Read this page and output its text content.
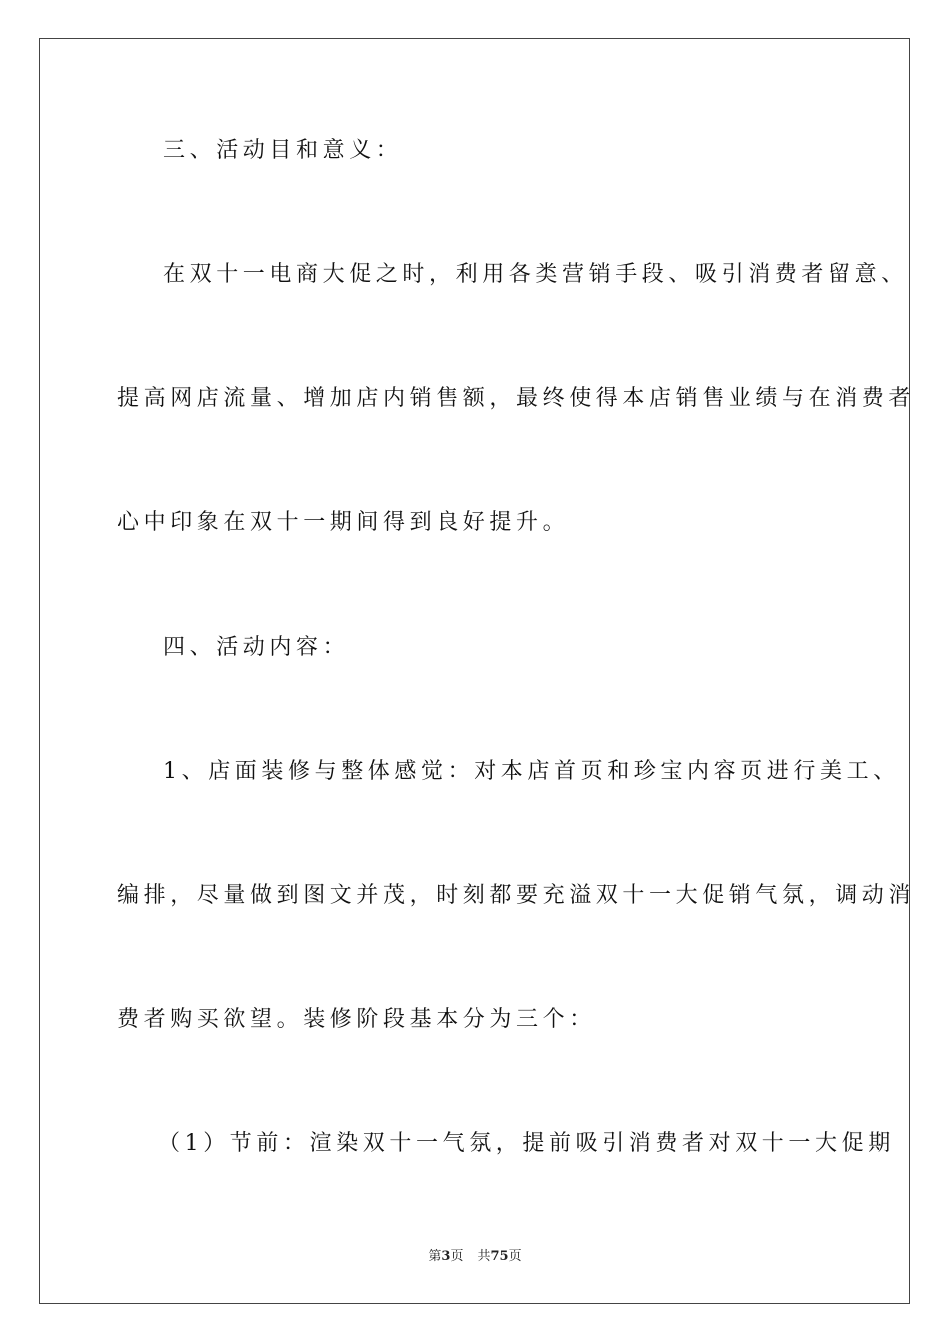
三、活动目和意义：
在双十一电商大促之时，利用各类营销手段、吸引消费者留意、
提高网店流量、增加店内销售额，最终使得本店销售业绩与在消费者
心中印象在双十一期间得到良好提升。
四、活动内容：
1、店面装修与整体感觉：对本店首页和珍宝内容页进行美工、
编排，尽量做到图文并茂，时刻都要充溢双十一大促销气氛，调动消
费者购买欲望。装修阶段基本分为三个：
（1）节前：渲染双十一气氛，提前吸引消费者对双十一大促期
第3页 共75页
